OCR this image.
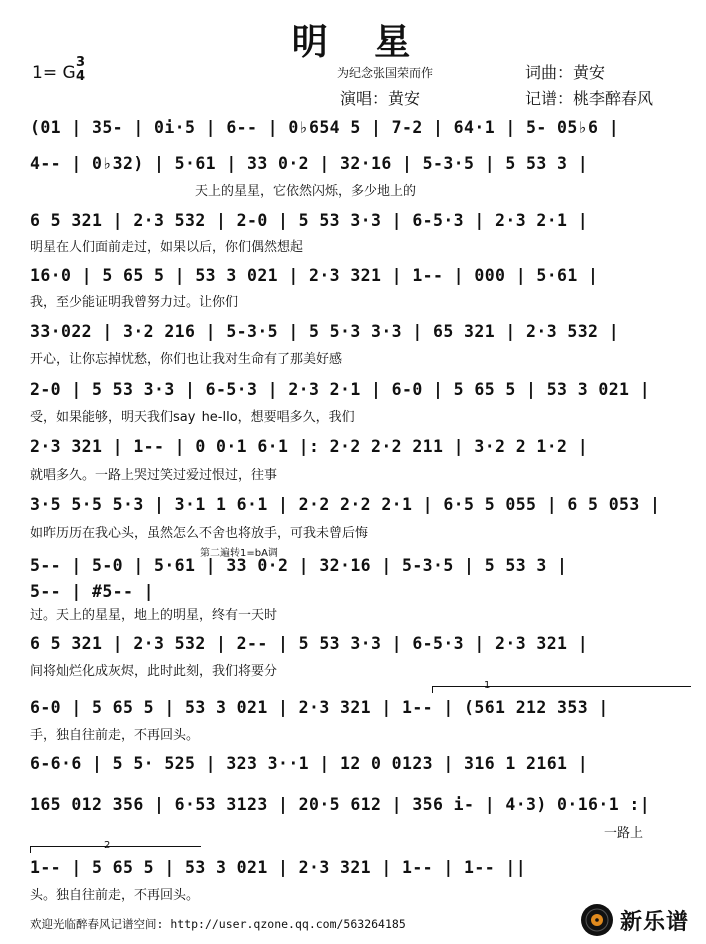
明 星
1= G
3
4	为纪念张国荣而作	词曲：黄安
演唱：黄安	记谱：桃李醉春风
(01 | 35- | 0i·5 | 6-- | 0♭654 5 | 7-2 | 64·1 | 5- 05♭6 |
4-- | 0♭32) | 5·61 | 33 0·2 | 32·16 | 5-3·5 | 5 53 3 |
天上的星星，它依然闪烁，多少地上的
6 5 321 | 2·3 532 | 2-0 | 5 53 3·3 | 6-5·3 | 2·3 2·1 |
明星在人们面前走过，如果以后，你们偶然想起
16·0 | 5 65 5 | 53 3 021 | 2·3 321 | 1-- | 000 | 5·61 |
我，至少能证明我曾努力过。让你们
33·022 | 3·2 216 | 5-3·5 | 5 5·3 3·3 | 65 321 | 2·3 532 |
开心，让你忘掉忧愁，你们也让我对生命有了那美好感
2-0 | 5 53 3·3 | 6-5·3 | 2·3 2·1 | 6-0 | 5 65 5 | 53 3 021 |
受，如果能够，明天我们say he-llo，想要唱多久，我们
2·3 321 | 1-- | 0 0·1 6·1 |: 2·2 2·2 211 | 3·2 2 1·2 |
就唱多久。一路上哭过笑过爱过恨过，往事
3·5 5·5 5·3 | 3·1 1 6·1 | 2·2 2·2 2·1 | 6·5 5 055 | 6 5 053 |
如昨历历在我心头，虽然怎么不舍也将放手，可我未曾后悔
第二遍转1=bA调
5-- | 5-0 | 5·61 | 33 0·2 | 32·16 | 5-3·5 | 5 53 3 |
5-- | #5-- |
过。天上的星星，地上的明星，终有一天时
6 5 321 | 2·3 532 | 2-- | 5 53 3·3 | 6-5·3 | 2·3 321 |
间将灿烂化成灰烬，此时此刻，我们将要分
1
6-0 | 5 65 5 | 53 3 021 | 2·3 321 | 1-- | (561 212 353 |
手，独自往前走，不再回头。
6-6·6 | 5 5· 525 | 323 3··1 | 12 0 0123 | 316 1 2161 |
165 012 356 | 6·53 3123 | 20·5 612 | 356 i- | 4·3) 0·16·1 :|
一路上
2
1-- | 5 65 5 | 53 3 021 | 2·3 321 | 1-- | 1-- ||
头。独自往前走，不再回头。
欢迎光临醉春风记谱空间: http://user.qzone.qq.com/563264185	新乐谱
